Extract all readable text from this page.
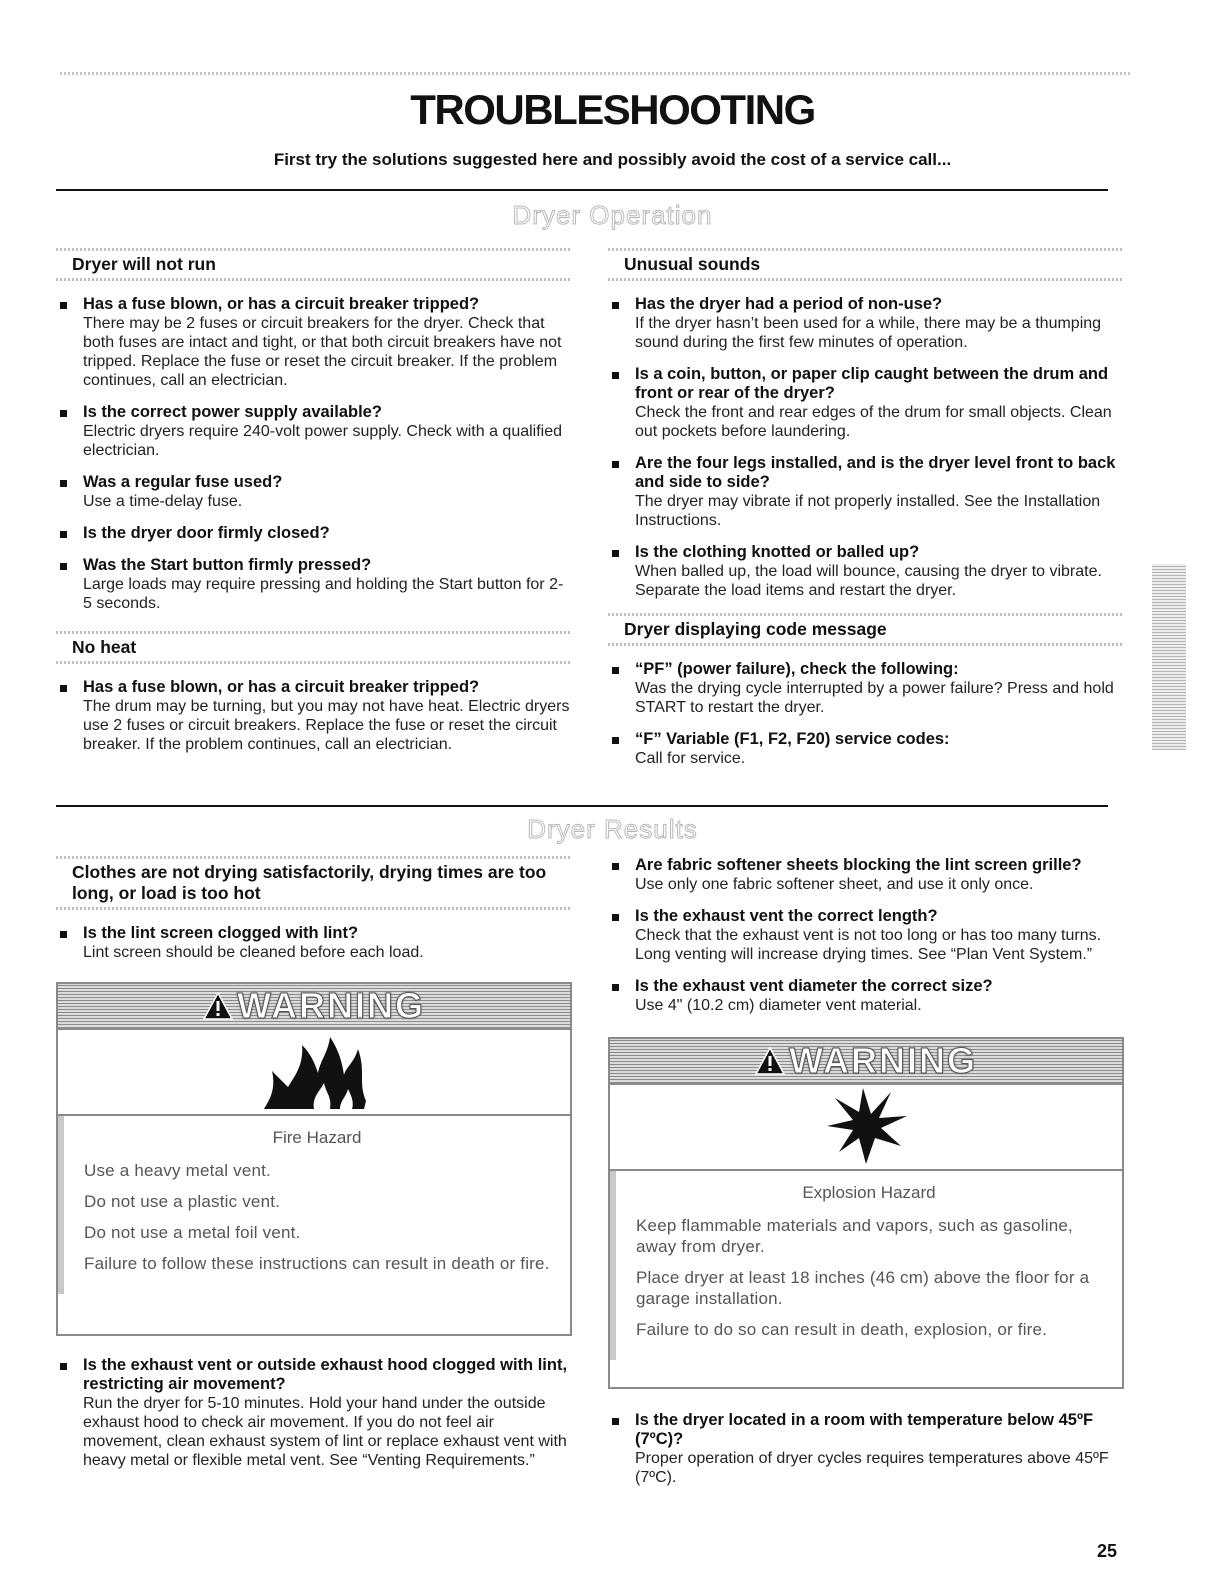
TROUBLESHOOTING
First try the solutions suggested here and possibly avoid the cost of a service call...
Dryer Operation
Dryer will not run
Has a fuse blown, or has a circuit breaker tripped?
There may be 2 fuses or circuit breakers for the dryer. Check that both fuses are intact and tight, or that both circuit breakers have not tripped. Replace the fuse or reset the circuit breaker. If the problem continues, call an electrician.
Is the correct power supply available?
Electric dryers require 240-volt power supply. Check with a qualified electrician.
Was a regular fuse used?
Use a time-delay fuse.
Is the dryer door firmly closed?
Was the Start button firmly pressed?
Large loads may require pressing and holding the Start button for 2-5 seconds.
No heat
Has a fuse blown, or has a circuit breaker tripped?
The drum may be turning, but you may not have heat. Electric dryers use 2 fuses or circuit breakers. Replace the fuse or reset the circuit breaker. If the problem continues, call an electrician.
Unusual sounds
Has the dryer had a period of non-use?
If the dryer hasn’t been used for a while, there may be a thumping sound during the first few minutes of operation.
Is a coin, button, or paper clip caught between the drum and front or rear of the dryer?
Check the front and rear edges of the drum for small objects. Clean out pockets before laundering.
Are the four legs installed, and is the dryer level front to back and side to side?
The dryer may vibrate if not properly installed. See the Installation Instructions.
Is the clothing knotted or balled up?
When balled up, the load will bounce, causing the dryer to vibrate. Separate the load items and restart the dryer.
Dryer displaying code message
“PF” (power failure), check the following:
Was the drying cycle interrupted by a power failure? Press and hold START to restart the dryer.
“F” Variable (F1, F2, F20) service codes:
Call for service.
Dryer Results
Clothes are not drying satisfactorily, drying times are too long, or load is too hot
Is the lint screen clogged with lint?
Lint screen should be cleaned before each load.
WARNING
Fire Hazard
Use a heavy metal vent.
Do not use a plastic vent.
Do not use a metal foil vent.
Failure to follow these instructions can result in death or fire.
Is the exhaust vent or outside exhaust hood clogged with lint, restricting air movement?
Run the dryer for 5-10 minutes. Hold your hand under the outside exhaust hood to check air movement. If you do not feel air movement, clean exhaust system of lint or replace exhaust vent with heavy metal or flexible metal vent. See “Venting Requirements.”
Are fabric softener sheets blocking the lint screen grille?
Use only one fabric softener sheet, and use it only once.
Is the exhaust vent the correct length?
Check that the exhaust vent is not too long or has too many turns. Long venting will increase drying times. See “Plan Vent System.”
Is the exhaust vent diameter the correct size?
Use 4" (10.2 cm) diameter vent material.
WARNING
Explosion Hazard
Keep flammable materials and vapors, such as gasoline, away from dryer.
Place dryer at least 18 inches (46 cm) above the floor for a garage installation.
Failure to do so can result in death, explosion, or fire.
Is the dryer located in a room with temperature below 45ºF (7ºC)?
Proper operation of dryer cycles requires temperatures above 45ºF (7ºC).
25
